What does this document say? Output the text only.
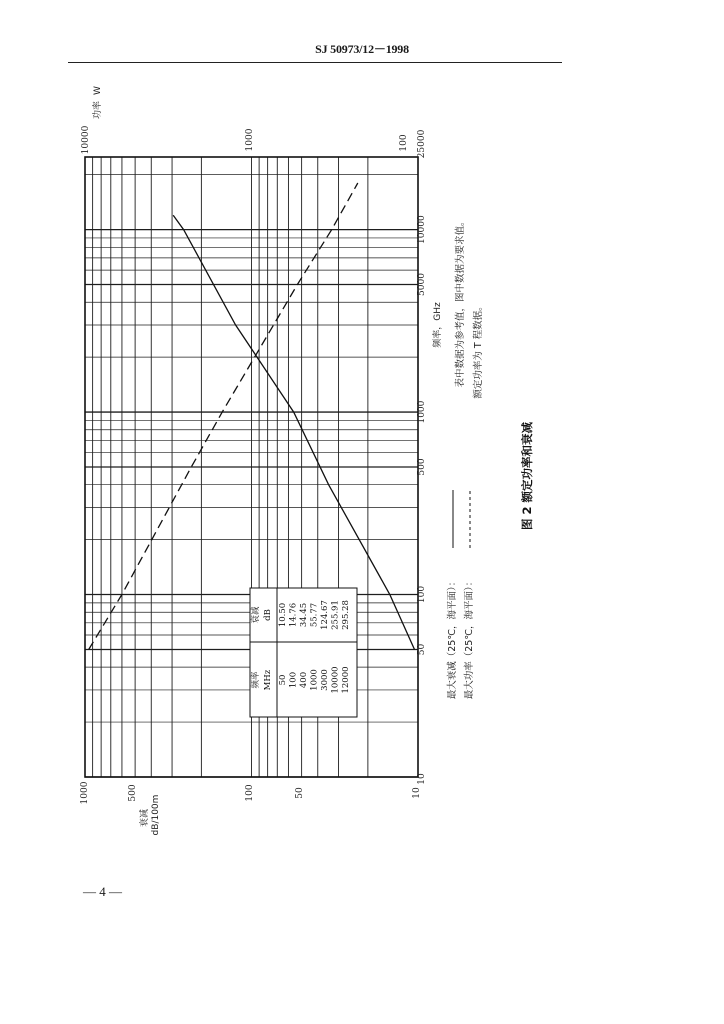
SJ 50973/12－1998
频率 MHz
衰减 dB
50
10.50
100
14.76
400
34.45
1000
55.77
3000
124.67
10000
255.91
12000
295.28
10
50
100
500
1000
5000
10000
25000
100
1000
10000
功率
W
10
50
100
500
1000
衰减 dB/100m
频率，GHz
最大衰减（25℃，海平面）： 最大功率（25℃，海平面）：
表中数据为参考值，图中数据为要求值。 额定功率为 T 程数据。
图 2 额定功率和衰减
— 4 —
